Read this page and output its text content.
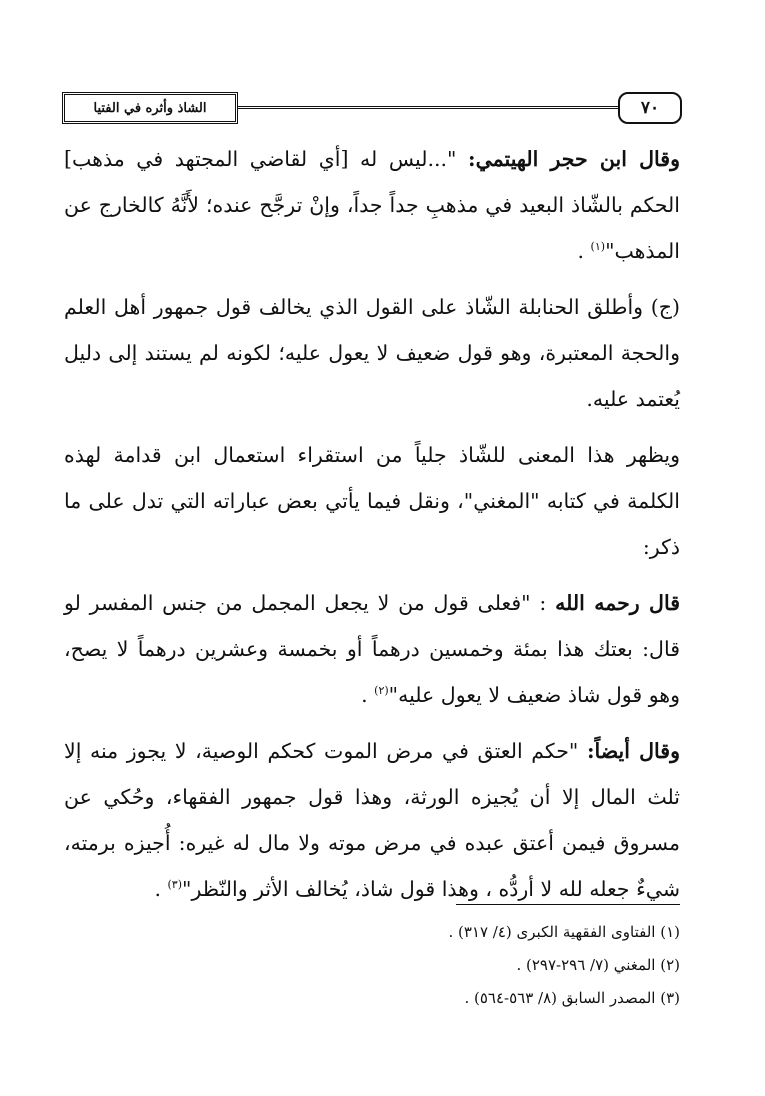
الشاذ وأثره في الفتيا	٧٠

وقال ابن حجر الهيتمي: "...ليس له [أي لقاضي المجتهد في مذهب] الحكم بالشّاذ البعيد في مذهبِ جداً جداً، وإنْ ترجَّح عنده؛ لأَنَّهُ كالخارج عن المذهب"$^{(١)}$ .

(ج) وأطلق الحنابلة الشّاذ على القول الذي يخالف قول جمهور أهل العلم والحجة المعتبرة، وهو قول ضعيف لا يعول عليه؛ لكونه لم يستند إلى دليل يُعتمد عليه.

ويظهر هذا المعنى للشّاذ جلياً من استقراء استعمال ابن قدامة لهذه الكلمة في كتابه "المغني"، ونقل فيما يأتي بعض عباراته التي تدل على ما ذكر:

قال رحمه الله : "فعلى قول من لا يجعل المجمل من جنس المفسر لو قال: بعتك هذا بمئة وخمسين درهماً أو بخمسة وعشرين درهماً لا يصح، وهو قول شاذ ضعيف لا يعول عليه"$^{(٢)}$ .

وقال أيضاً: "حكم العتق في مرض الموت كحكم الوصية، لا يجوز منه إلا ثلث المال إلا أن يُجيزه الورثة، وهذا قول جمهور الفقهاء، وحُكي عن مسروق فيمن أعتق عبده في مرض موته ولا مال له غيره: أُجيزه برمته، شيءٌ جعله لله لا أردُّه ، وهذا قول شاذ، يُخالف الأثر والنّظر"$^{(٣)}$ .

(١) الفتاوى الفقهية الكبرى (٤/ ٣١٧) .
(٢) المغني (٧/ ٢٩٦-٢٩٧) .
(٣) المصدر السابق (٨/ ٥٦٣-٥٦٤) .
